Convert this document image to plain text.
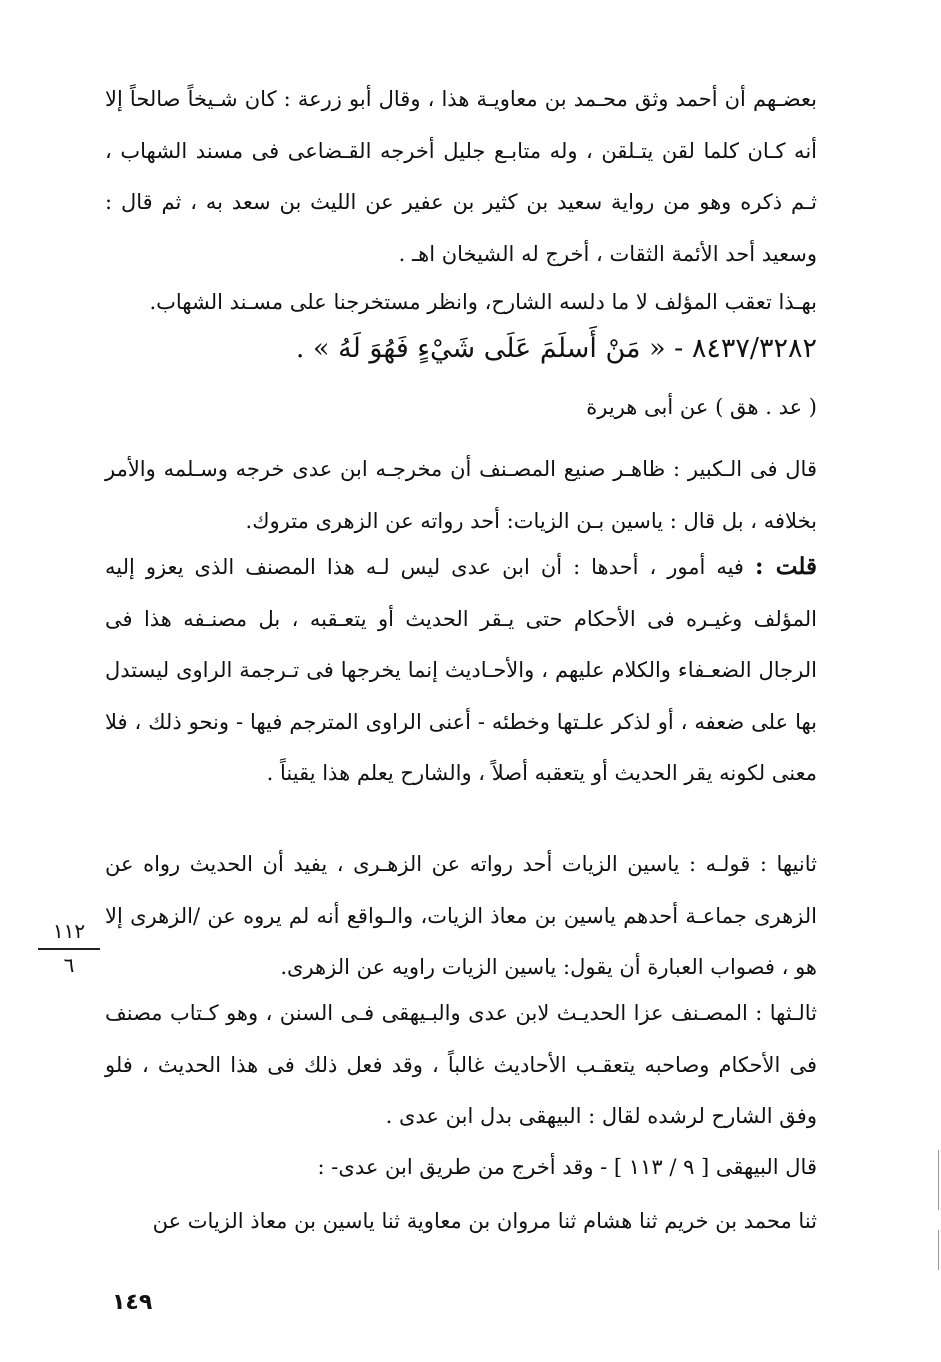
بعضـهم أن أحمد وثق محـمد بن معاويـة هذا ، وقال أبو زرعة : كان شـيخاً صالحاً إلا أنه كـان كلما لقن يتـلقن ، وله متابـع جليل أخرجه القـضاعى فى مسند الشهاب ، ثـم ذكره وهو من رواية سعيد بن كثير بن عفير عن الليث بن سعد به ، ثم قال : وسعيد أحد الأئمة الثقات ، أخرج له الشيخان اهـ .

بهـذا تعقب المؤلف لا ما دلسه الشارح، وانظر مستخرجنا على مسـند الشهاب.

٨٤٣٧/٣٢٨٢ - « مَنْ أَسلَمَ عَلَى شَيْءٍ فَهُوَ لَهُ » .
( عد . هق ) عن أبى هريرة

قال فى الـكبير : ظاهـر صنيع المصـنف أن مخرجـه ابن عدى خرجه وسـلمه والأمر بخلافه ، بل قال : ياسين بـن الزيات: أحد رواته عن الزهرى متروك.

قلت : فيه أمور ، أحدها : أن ابن عدى ليس لـه هذا المصنف الذى يعزو إليه المؤلف وغيـره فى الأحكام حتى يـقر الحديث أو يتعـقبه ، بل مصنـفه هذا فى الرجال الضعـفاء والكلام عليهم ، والأحـاديث إنما يخرجها فى تـرجمة الراوى ليستدل بها على ضعفه ، أو لذكر علـتها وخطئه - أعنى الراوى المترجم فيها - ونحو ذلك ، فلا معنى لكونه يقر الحديث أو يتعقبه أصلاً ، والشارح يعلم هذا يقيناً .

ثانيها : قولـه : ياسين الزيات أحد رواته عن الزهـرى ، يفيد أن الحديث رواه عن الزهرى جماعـة أحدهم ياسين بن معاذ الزيات، والـواقع أنه لم يروه عن /الزهرى إلا هو ، فصواب العبارة أن يقول: ياسين الزيات راويه عن الزهرى.

ثالـثها : المصـنف عزا الحديـث لابن عدى والبـيهقى فـى السنن ، وهو كـتاب مصنف فى الأحكام وصاحبه يتعقـب الأحاديث غالباً ، وقد فعل ذلك فى هذا الحديث ، فلو وفق الشارح لرشده لقال : البيهقى بدل ابن عدى .

قال البيهقى [ ٩ / ١١٣ ] - وقد أخرج من طريق ابن عدى- :

ثنا محمد بن خريم ثنا هشام ثنا مروان بن معاوية ثنا ياسين بن معاذ الزيات عن

١١٢
٦
١٤٩
